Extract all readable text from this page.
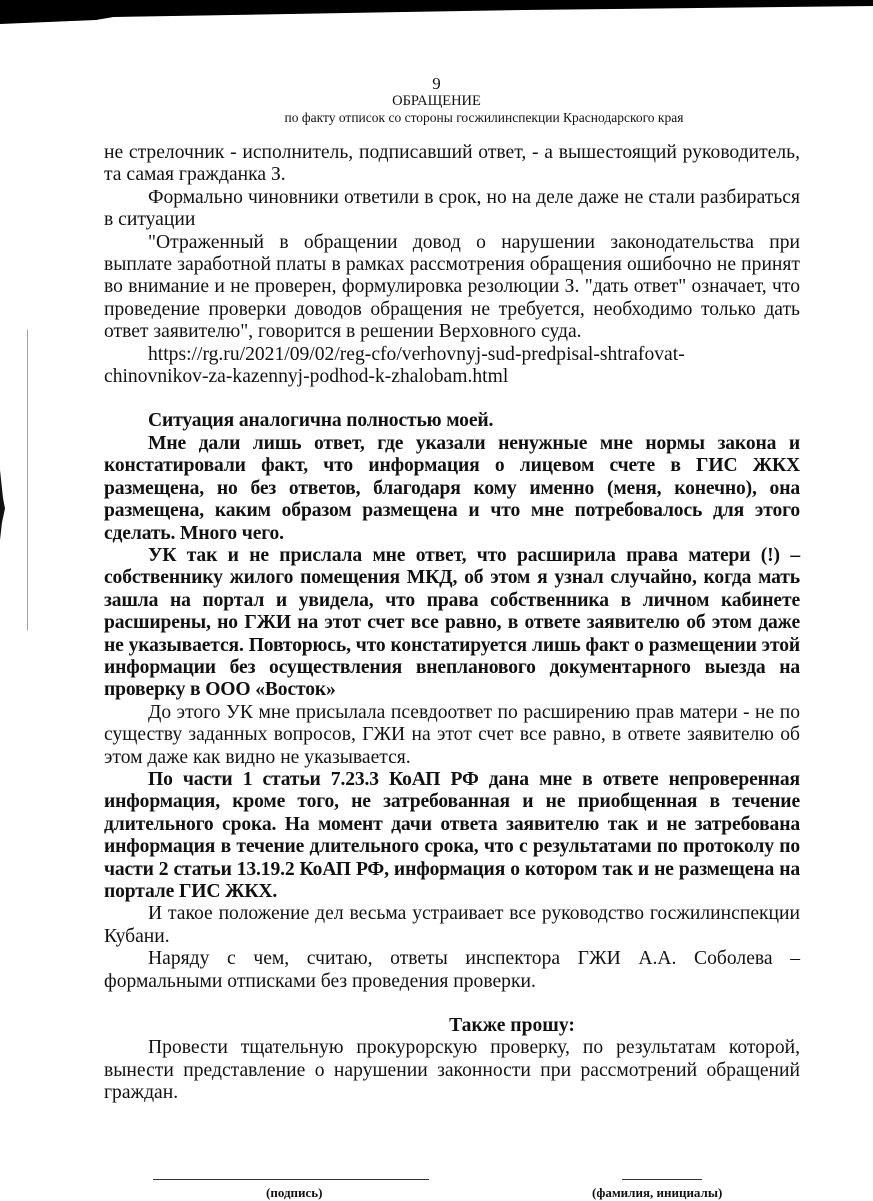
9
ОБРАЩЕНИЕ
по факту отписок со стороны госжилинспекции Краснодарского края

не стрелочник - исполнитель, подписавший ответ, - а вышестоящий руководитель, та самая гражданка З.

Формально чиновники ответили в срок, но на деле даже не стали разбираться в ситуации

"Отраженный в обращении довод о нарушении законодательства при выплате заработной платы в рамках рассмотрения обращения ошибочно не принят во внимание и не проверен, формулировка резолюции З. "дать ответ" означает, что проведение проверки доводов обращения не требуется, необходимо только дать ответ заявителю", говорится в решении Верховного суда.

https://rg.ru/2021/09/02/reg-cfo/verhovnyj-sud-predpisal-shtrafovat-

chinovnikov-za-kazennyj-podhod-k-zhalobam.html

Ситуация аналогична полностью моей.

Мне дали лишь ответ, где указали ненужные мне нормы закона и констатировали факт, что информация о лицевом счете в ГИС ЖКХ размещена, но без ответов, благодаря кому именно (меня, конечно), она размещена, каким образом размещена и что мне потребовалось для этого сделать. Много чего.

УК так и не прислала мне ответ, что расширила права матери (!) – собственнику жилого помещения МКД, об этом я узнал случайно, когда мать зашла на портал и увидела, что права собственника в личном кабинете расширены, но ГЖИ на этот счет все равно, в ответе заявителю об этом даже не указывается. Повторюсь, что констатируется лишь факт о размещении этой информации без осуществления внепланового документарного выезда на проверку в ООО «Восток»

До этого УК мне присылала псевдоответ по расширению прав матери - не по существу заданных вопросов, ГЖИ на этот счет все равно, в ответе заявителю об этом даже как видно не указывается.

По части 1 статьи 7.23.3 КоАП РФ дана мне в ответе непроверенная информация, кроме того, не затребованная и не приобщенная в течение длительного срока. На момент дачи ответа заявителю так и не затребована информация в течение длительного срока, что с результатами по протоколу по части 2 статьи 13.19.2 КоАП РФ, информация о котором так и не размещена на портале ГИС ЖКХ.

И такое положение дел весьма устраивает все руководство госжилинспекции Кубани.

Наряду с чем, считаю, ответы инспектора ГЖИ А.А. Соболева – формальными отписками без проведения проверки.

Также прошу:

Провести тщательную прокурорскую проверку, по результатам которой, вынести представление о нарушении законности при рассмотрений обращений граждан.

(подпись)	(фамилия, инициалы)
